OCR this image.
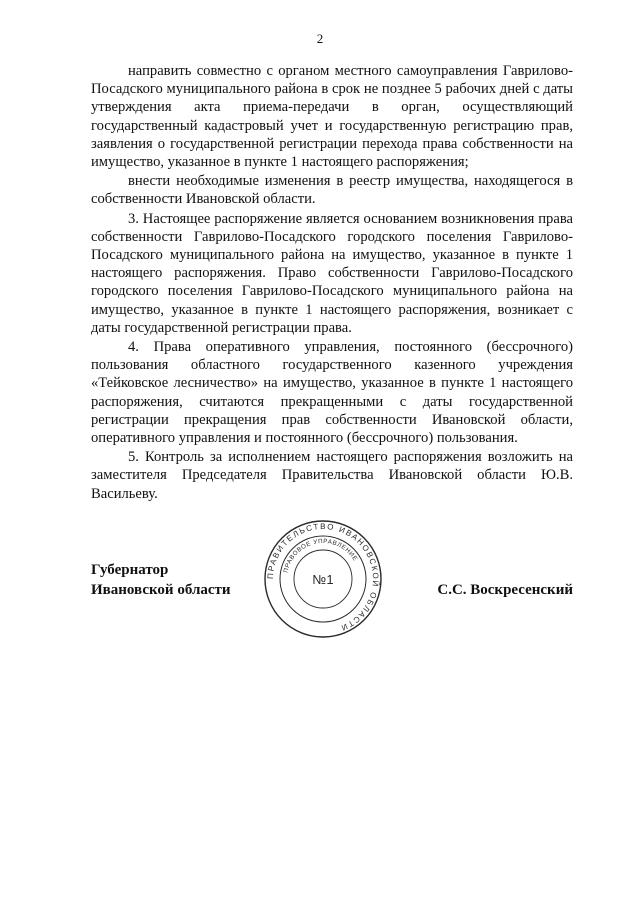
2

направить совместно с органом местного самоуправления Гаврилово-Посадского муниципального района в срок не позднее 5 рабочих дней с даты утверждения акта приема-передачи в орган, осуществляющий государственный кадастровый учет и государственную регистрацию прав, заявления о государственной регистрации перехода права собственности на имущество, указанное в пункте 1 настоящего распоряжения;

внести необходимые изменения в реестр имущества, находящегося в собственности Ивановской области.

3. Настоящее распоряжение является основанием возникновения права собственности Гаврилово-Посадского городского поселения Гаврилово-Посадского муниципального района на имущество, указанное в пункте 1 настоящего распоряжения. Право собственности Гаврилово-Посадского городского поселения Гаврилово-Посадского муниципального района на имущество, указанное в пункте 1 настоящего распоряжения, возникает с даты государственной регистрации права.

4. Права оперативного управления, постоянного (бессрочного) пользования областного государственного казенного учреждения «Тейковское лесничество» на имущество, указанное в пункте 1 настоящего распоряжения, считаются прекращенными с даты государственной регистрации прекращения прав собственности Ивановской области, оперативного управления и постоянного (бессрочного) пользования.

5. Контроль за исполнением настоящего распоряжения возложить на заместителя Председателя Правительства Ивановской области Ю.В. Васильеву.

Губернатор
Ивановской области
ПРАВИТЕЛЬСТВО ИВАНОВСКОЙ ОБЛАСТИ
ПРАВОВОЕ УПРАВЛЕНИЕ
№1
С.С. Воскресенский
